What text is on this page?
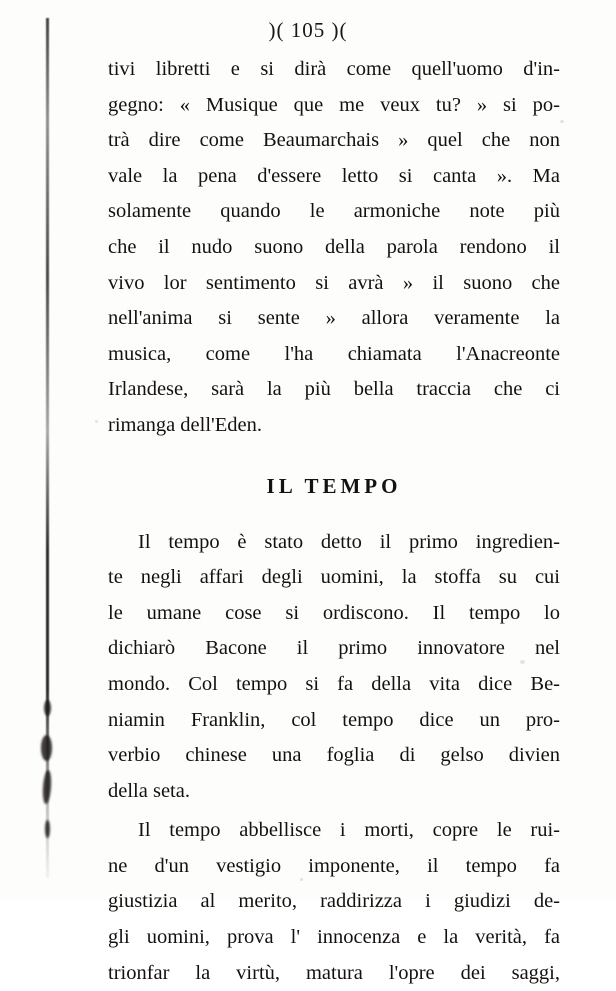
)( 105 )(

tivi libretti e si dirà come quell'uomo d'in-
gegno: « Musique que me veux tu? » si po-
trà dire come Beaumarchais » quel che non
vale la pena d'essere letto si canta ». Ma
solamente quando le armoniche note più
che il nudo suono della parola rendono il
vivo lor sentimento si avrà » il suono che
nell'anima si sente » allora veramente la
musica, come l'ha chiamata l'Anacreonte
Irlandese, sarà la più bella traccia che ci
rimanga dell'Eden.

IL TEMPO

Il tempo è stato detto il primo ingredien-
te negli affari degli uomini, la stoffa su cui
le umane cose si ordiscono. Il tempo lo
dichiarò Bacone il primo innovatore nel
mondo. Col tempo si fa della vita dice Be-
niamin Franklin, col tempo dice un pro-
verbio chinese una foglia di gelso divien
della seta.

Il tempo abbellisce i morti, copre le rui-
ne d'un vestigio imponente, il tempo fa
giustizia al merito, raddirizza i giudizi de-
gli uomini, prova l' innocenza e la verità, fa
trionfar la virtù, matura l'opre dei saggi,
